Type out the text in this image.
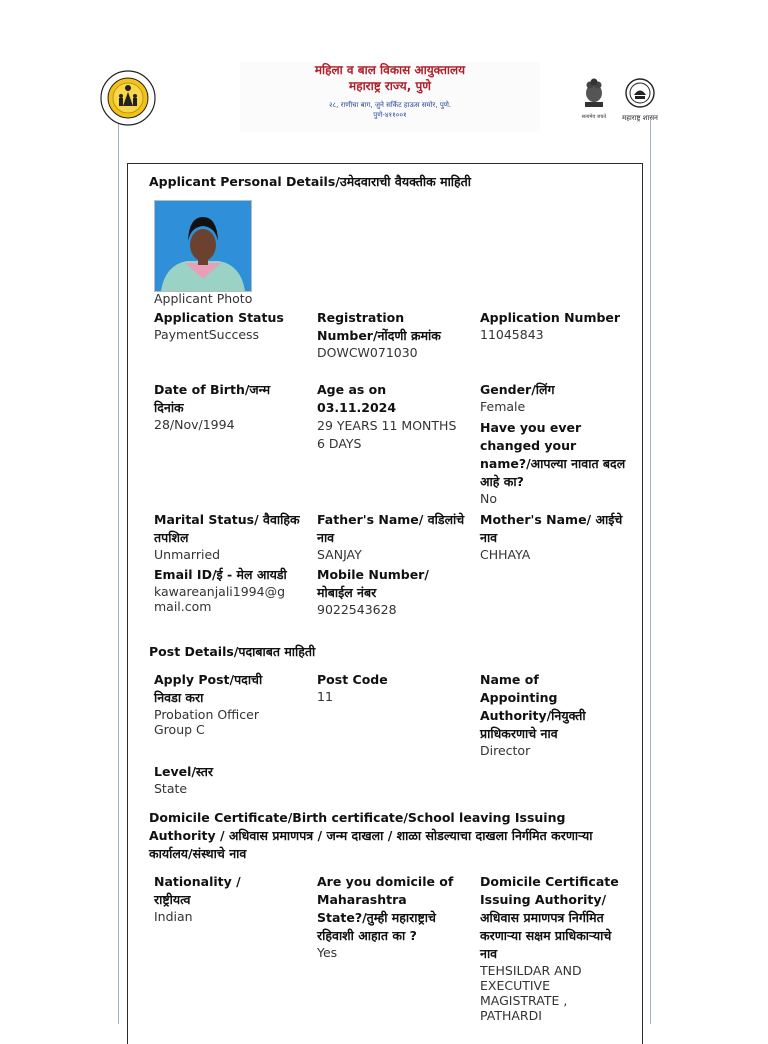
महिला व बाल विकास आयुक्तालय
महाराष्ट्र राज्य, पुणे
२८, राणीचा बाग, जुने सर्किट हाऊस समोर, पुणे.
पुणे-४११००१	सत्यमेव जयते	महाराष्ट्र शासन
Applicant Personal Details/उमेदवाराची वैयक्तीक माहिती
Applicant Photo
Application Status
PaymentSuccess
Registration Number/नोंदणी क्रमांक
DOWCW071030
Application Number
11045843
Date of Birth/जन्म दिनांक
28/Nov/1994
Age as on 03.11.2024
29 YEARS 11 MONTHS 6 DAYS
Gender/लिंग
Female
Have you ever changed your name?/आपल्या नावात बदल आहे का?
No
Marital Status/ वैवाहिक तपशिल
Unmarried
Father's Name/ वडिलांचे नाव
SANJAY
Mother's Name/ आईचे नाव
CHHAYA
Email ID/ई - मेल आयडी
kawareanjali1994@gmail.com
Mobile Number/ मोबाईल नंबर
9022543628
Post Details/पदाबाबत माहिती
Apply Post/पदाची निवडा करा
Probation Officer Group C
Post Code
11
Name of Appointing Authority/नियुक्ती प्राधिकरणाचे नाव
Director
Level/स्तर
State
Domicile Certificate/Birth certificate/School leaving Issuing Authority / अधिवास प्रमाणपत्र / जन्म दाखला / शाळा सोडल्याचा दाखला निर्गमित करणाऱ्या कार्यालय/संस्थाचे नाव
Nationality / राष्ट्रीयत्व
Indian
Are you domicile of Maharashtra State?/तुम्ही महाराष्ट्राचे रहिवाशी आहात का ?
Yes
Domicile Certificate Issuing Authority/ अधिवास प्रमाणपत्र निर्गमित करणाऱ्या सक्षम प्राधिकाऱ्याचे नाव
TEHSILDAR AND EXECUTIVE MAGISTRATE , PATHARDI
